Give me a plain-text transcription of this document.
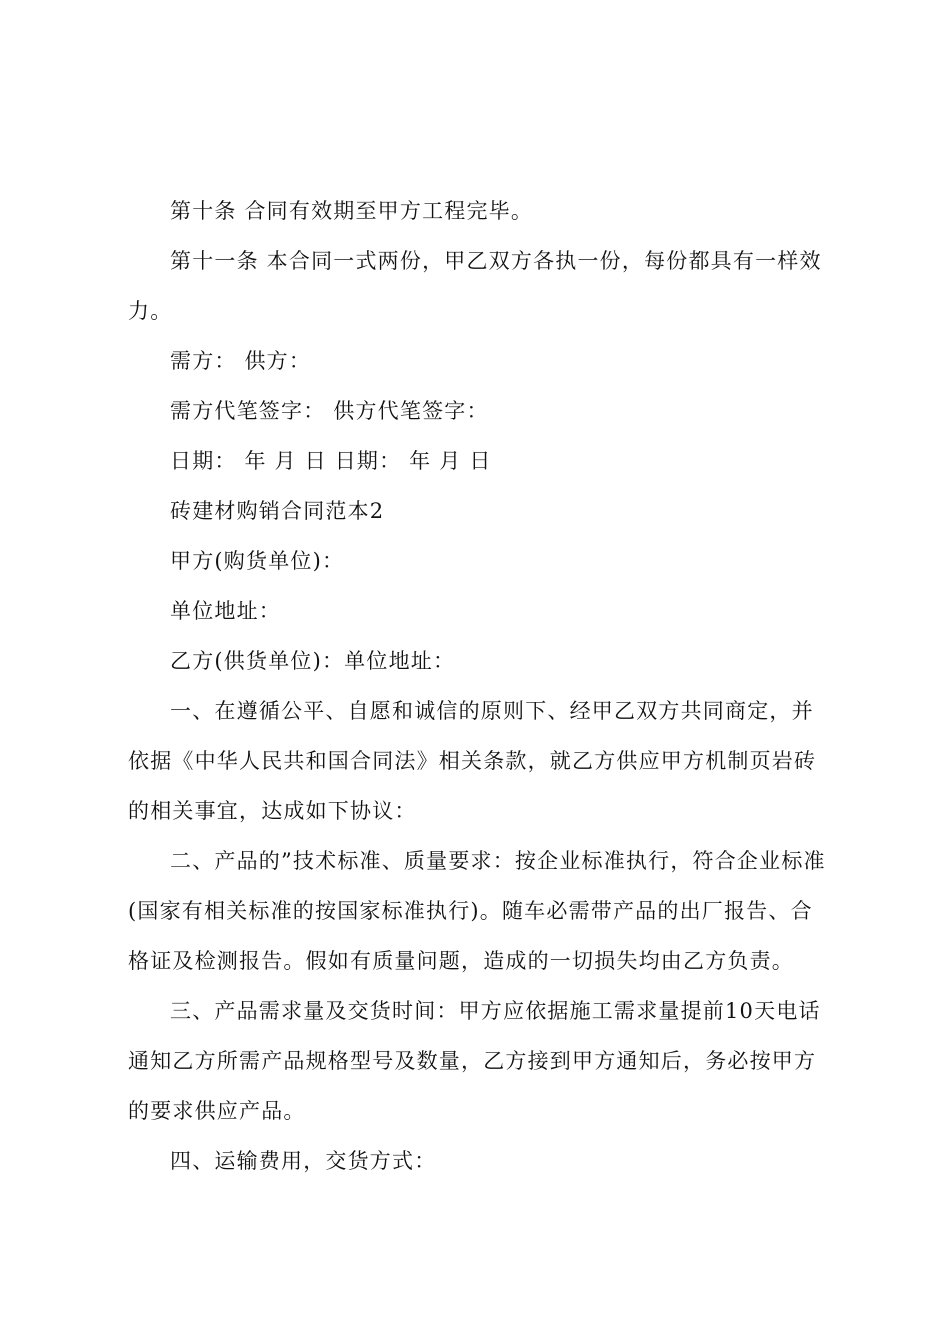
第十条 合同有效期至甲方工程完毕。

第十一条 本合同一式两份，甲乙双方各执一份，每份都具有一样效力。

需方： 供方：

需方代笔签字： 供方代笔签字：

日期： 年 月 日 日期： 年 月 日

砖建材购销合同范本2

甲方(购货单位)：

单位地址：

乙方(供货单位)：单位地址：

一、在遵循公平、自愿和诚信的原则下、经甲乙双方共同商定，并依据《中华人民共和国合同法》相关条款，就乙方供应甲方机制页岩砖的相关事宜，达成如下协议：

二、产品的”技术标准、质量要求：按企业标准执行，符合企业标准(国家有相关标准的按国家标准执行)。随车必需带产品的出厂报告、合格证及检测报告。假如有质量问题，造成的一切损失均由乙方负责。

三、产品需求量及交货时间：甲方应依据施工需求量提前10天电话通知乙方所需产品规格型号及数量，乙方接到甲方通知后，务必按甲方的要求供应产品。

四、运输费用，交货方式：
